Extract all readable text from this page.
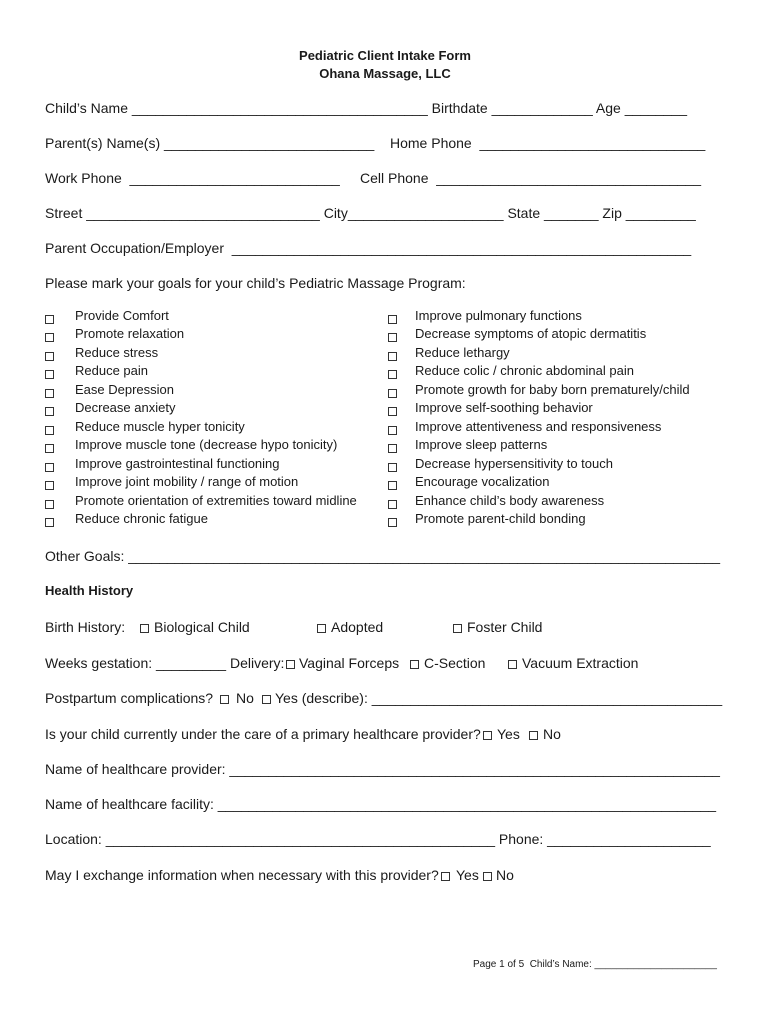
Pediatric Client Intake Form
Ohana Massage, LLC
Child’s Name ______________________________________ Birthdate _____________ Age ________
Parent(s) Name(s) ___________________________ Home Phone  _____________________________
Work Phone  ___________________________ Cell Phone  __________________________________
Street ______________________________ City____________________ State _______ Zip _________
Parent Occupation/Employer  ___________________________________________________________
Please mark your goals for your child’s Pediatric Massage Program:
Provide Comfort
Promote relaxation
Reduce stress
Reduce pain
Ease Depression
Decrease anxiety
Reduce muscle hyper tonicity
Improve muscle tone (decrease hypo tonicity)
Improve gastrointestinal functioning
Improve joint mobility / range of motion
Promote orientation of extremities toward midline
Reduce chronic fatigue
Improve pulmonary functions
Decrease symptoms of atopic dermatitis
Reduce lethargy
Reduce colic / chronic abdominal pain
Promote growth for baby born prematurely/child
Improve self-soothing behavior
Improve attentiveness and responsiveness
Improve sleep patterns
Decrease hypersensitivity to touch
Encourage vocalization
Enhance child’s body awareness
Promote parent-child bonding
Other Goals: ____________________________________________________________________________
Health History
Birth History: Biological Child	Adopted	Foster Child
Weeks gestation: _________ Delivery: Vaginal Forceps C-Section	Vacuum Extraction
Postpartum complications? No Yes (describe): _____________________________________________
Is your child currently under the care of a primary healthcare provider? Yes No
Name of healthcare provider: _______________________________________________________________
Name of healthcare facility: ________________________________________________________________
Location: __________________________________________________ Phone: _____________________
May I exchange information when necessary with this provider? Yes No
Page 1 of 5  Child’s Name: ______________________
